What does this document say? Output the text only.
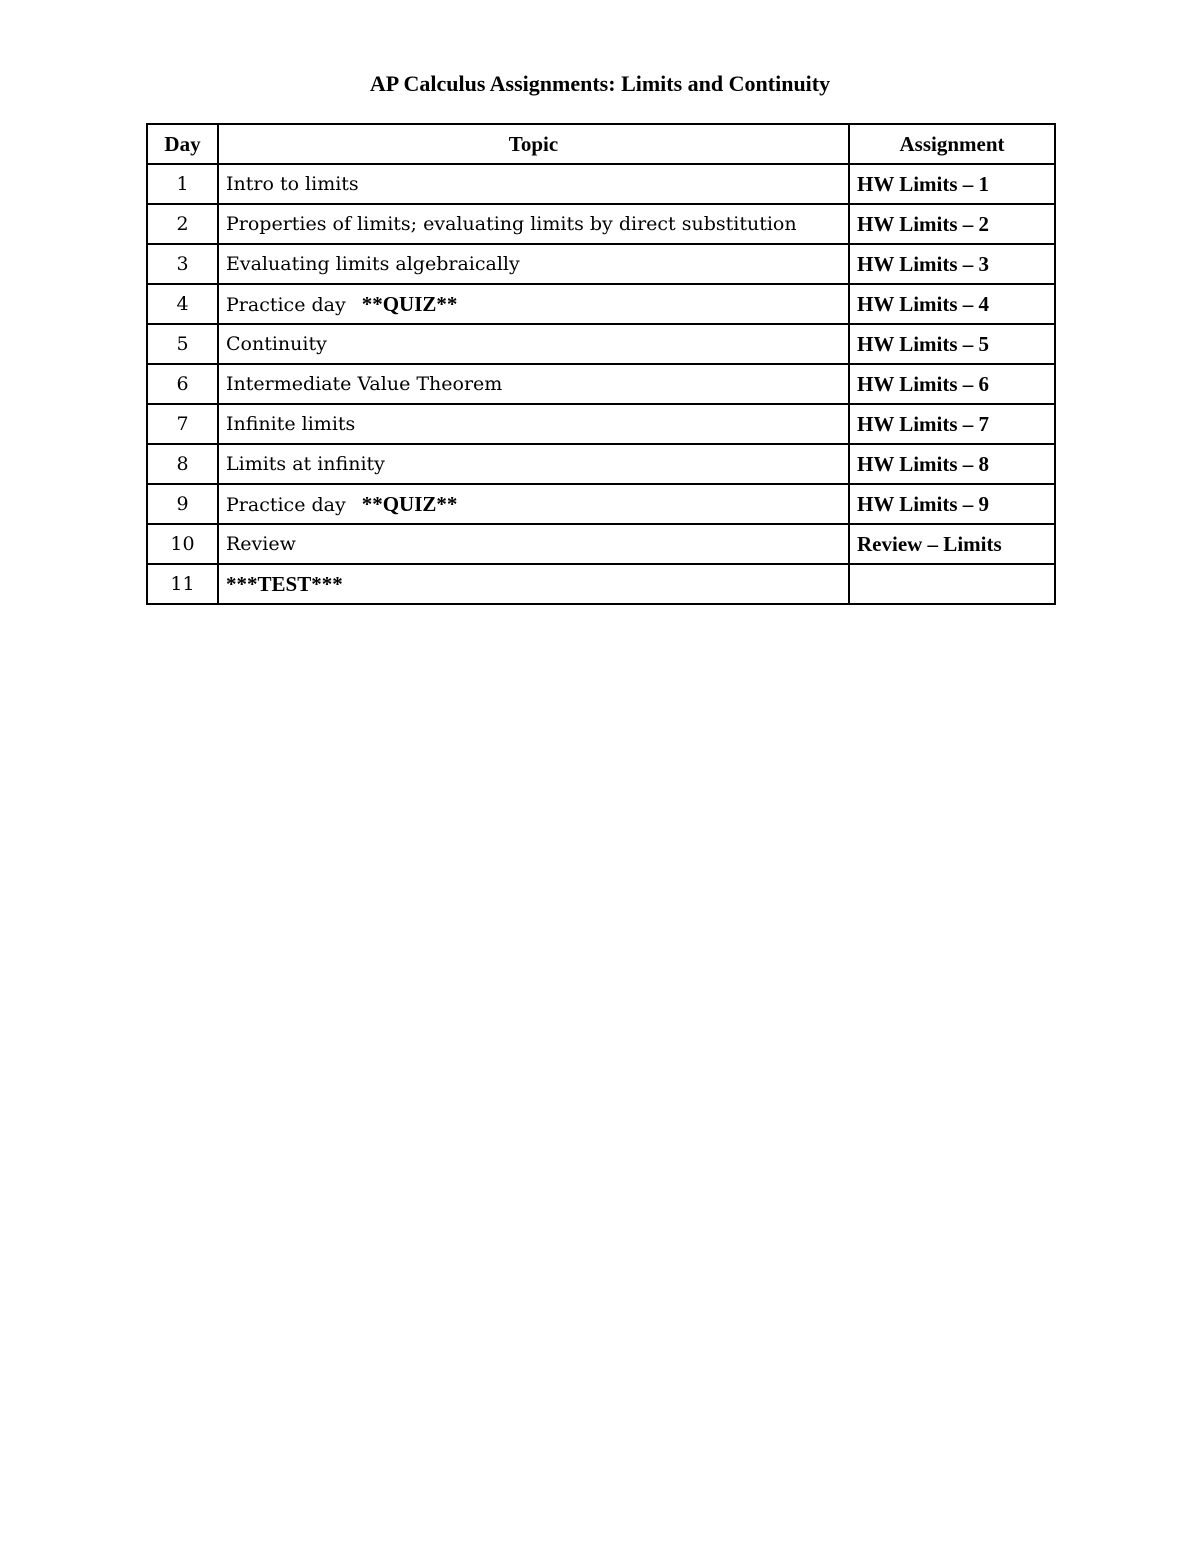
AP Calculus Assignments: Limits and Continuity
Day	Topic	Assignment
1	Intro to limits	HW Limits – 1
2	Properties of limits; evaluating limits by direct substitution	HW Limits – 2
3	Evaluating limits algebraically	HW Limits – 3
4	Practice day **QUIZ**	HW Limits – 4
5	Continuity	HW Limits – 5
6	Intermediate Value Theorem	HW Limits – 6
7	Infinite limits	HW Limits – 7
8	Limits at infinity	HW Limits – 8
9	Practice day **QUIZ**	HW Limits – 9
10	Review	Review – Limits
11	***TEST***	
